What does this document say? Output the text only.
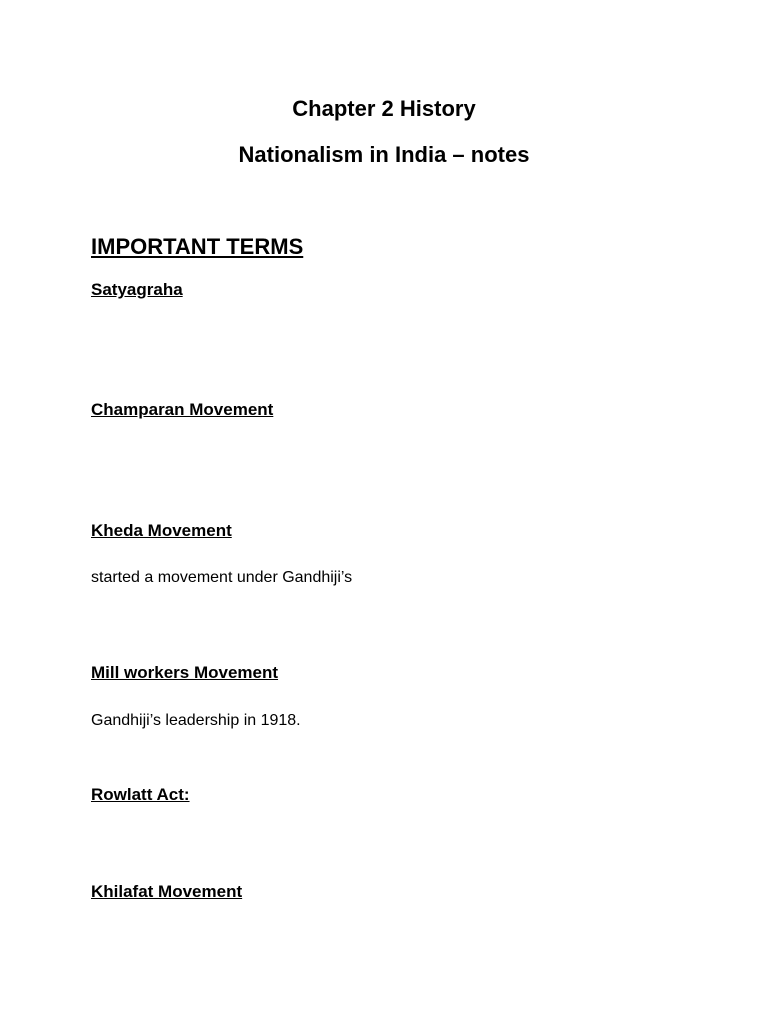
Chapter 2 History
Nationalism in India – notes
IMPORTANT TERMS
Satyagraha
Champaran Movement
Kheda Movement
started a movement under Gandhiji’s
Mill workers Movement
Gandhiji’s leadership in 1918.
Rowlatt Act:
Khilafat Movement
